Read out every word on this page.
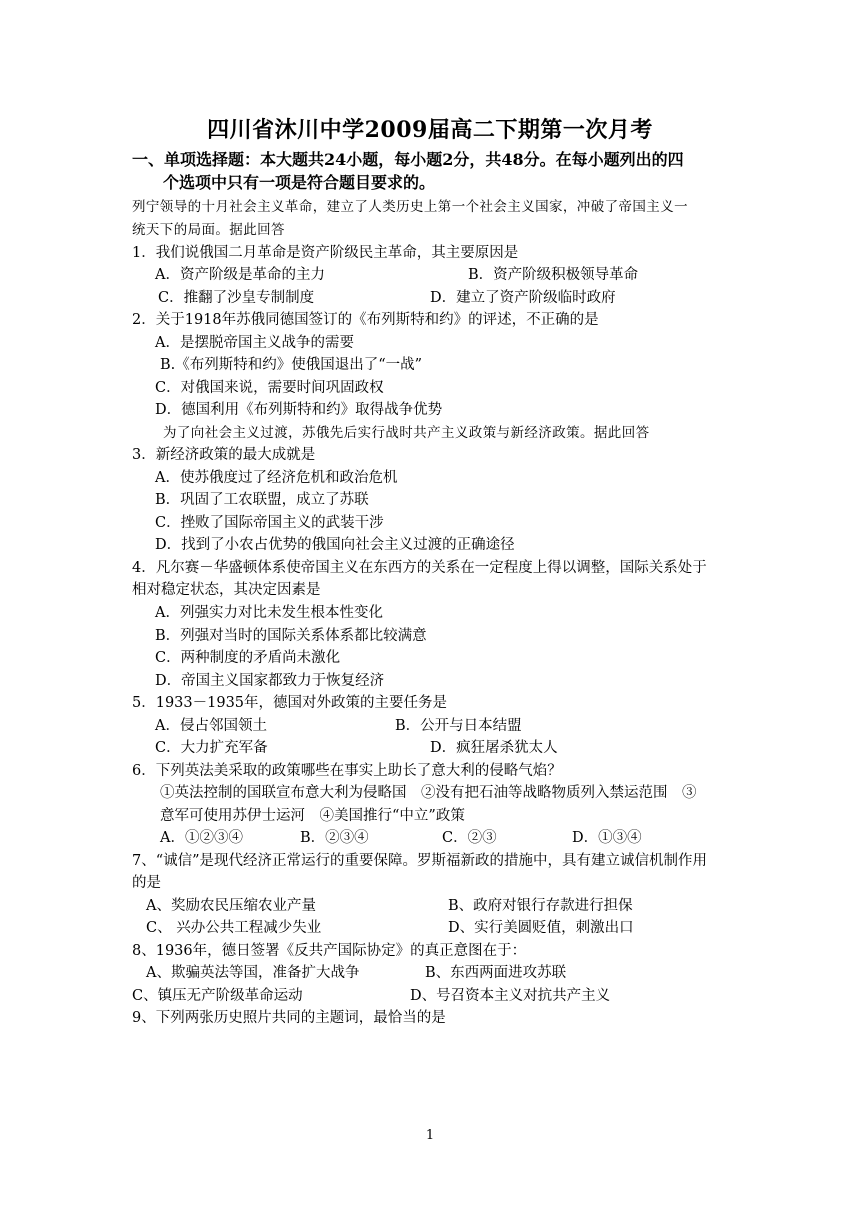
四川省沐川中学2009届高二下期第一次月考
一、单项选择题：本大题共24小题，每小题2分，共48分。在每小题列出的四
个选项中只有一项是符合题目要求的。
列宁领导的十月社会主义革命，建立了人类历史上第一个社会主义国家，冲破了帝国主义一
统天下的局面。据此回答
1．我们说俄国二月革命是资产阶级民主革命，其主要原因是
A．资产阶级是革命的主力	B．资产阶级积极领导革命
C．推翻了沙皇专制制度	D．建立了资产阶级临时政府
2．关于1918年苏俄同德国签订的《布列斯特和约》的评述，不正确的是
A．是摆脱帝国主义战争的需要
B.《布列斯特和约》使俄国退出了“一战”
C．对俄国来说，需要时间巩固政权
D．德国利用《布列斯特和约》取得战争优势
为了向社会主义过渡，苏俄先后实行战时共产主义政策与新经济政策。据此回答
3．新经济政策的最大成就是
A．使苏俄度过了经济危机和政治危机
B．巩固了工农联盟，成立了苏联
C．挫败了国际帝国主义的武装干涉
D．找到了小农占优势的俄国向社会主义过渡的正确途径
4．凡尔赛－华盛顿体系使帝国主义在东西方的关系在一定程度上得以调整，国际关系处于
相对稳定状态，其决定因素是
A．列强实力对比未发生根本性变化
B．列强对当时的国际关系体系都比较满意
C．两种制度的矛盾尚未激化
D．帝国主义国家都致力于恢复经济
5．1933－1935年，德国对外政策的主要任务是
A．侵占邻国领土	B．公开与日本结盟
C．大力扩充军备	D．疯狂屠杀犹太人
6．下列英法美采取的政策哪些在事实上助长了意大利的侵略气焰？
①英法控制的国联宣布意大利为侵略国　②没有把石油等战略物质列入禁运范围　③
意军可使用苏伊士运河　④美国推行“中立”政策
A．①②③④	B．②③④	C．②③	D．①③④
7、“诚信”是现代经济正常运行的重要保障。罗斯福新政的措施中，具有建立诚信机制作用
的是
A、奖励农民压缩农业产量	B、政府对银行存款进行担保
C、 兴办公共工程减少失业	D、实行美圆贬值，刺激出口
8、1936年，德日签署《反共产国际协定》的真正意图在于：
A、欺骗英法等国，准备扩大战争	B、东西两面进攻苏联
C、镇压无产阶级革命运动	D、号召资本主义对抗共产主义
9、下列两张历史照片共同的主题词，最恰当的是
1
